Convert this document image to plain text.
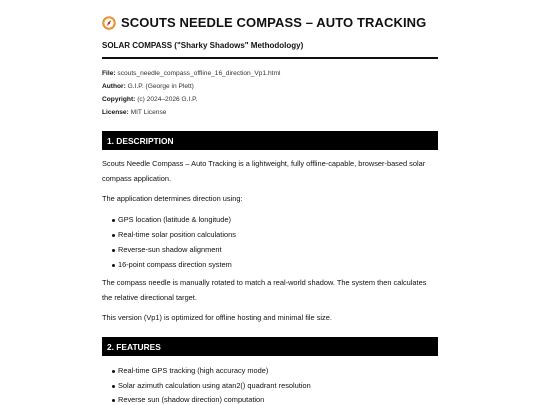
SCOUTS NEEDLE COMPASS – AUTO TRACKING
SOLAR COMPASS ("Sharky Shadows" Methodology)
File: scouts_needle_compass_offline_16_direction_Vp1.html
Author: G.I.P. (George in Plett)
Copyright: (c) 2024–2026 G.I.P.
License: MIT License
1. DESCRIPTION
Scouts Needle Compass – Auto Tracking is a lightweight, fully offline-capable, browser-based solar compass application.
The application determines direction using:
GPS location (latitude & longitude)
Real-time solar position calculations
Reverse-sun shadow alignment
16-point compass direction system
The compass needle is manually rotated to match a real-world shadow. The system then calculates the relative directional target.
This version (Vp1) is optimized for offline hosting and minimal file size.
2. FEATURES
Real-time GPS tracking (high accuracy mode)
Solar azimuth calculation using atan2() quadrant resolution
Reverse sun (shadow direction) computation
